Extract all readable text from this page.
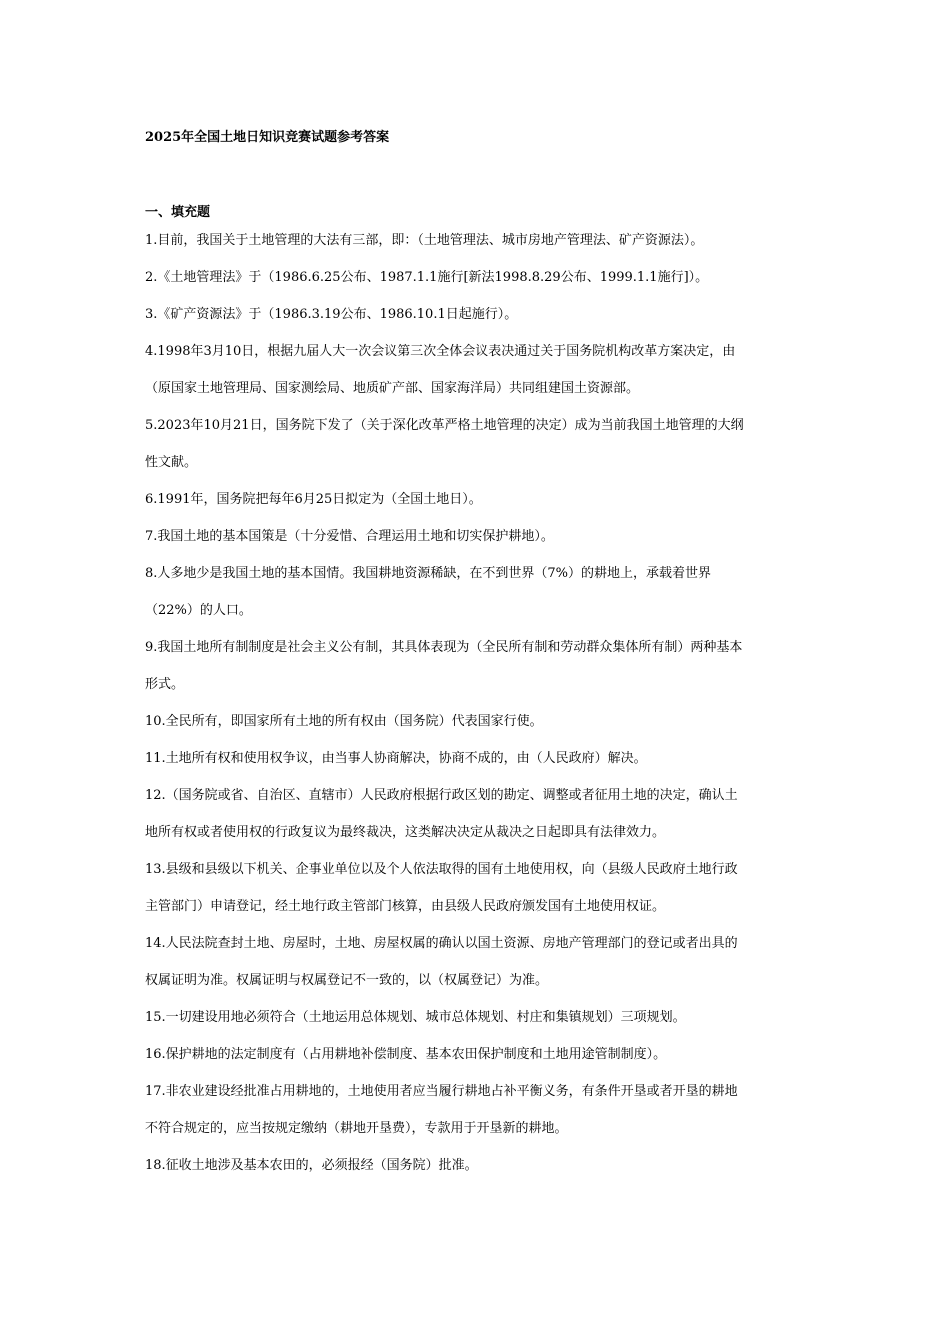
2025年全国土地日知识竞赛试题参考答案
一、填充题
1.目前，我国关于土地管理的大法有三部，即：（土地管理法、城市房地产管理法、矿产资源法）。
2.《土地管理法》于（1986.6.25公布、1987.1.1施行[新法1998.8.29公布、1999.1.1施行]）。
3.《矿产资源法》于（1986.3.19公布、1986.10.1日起施行）。
4.1998年3月10日，根据九届人大一次会议第三次全体会议表决通过关于国务院机构改革方案决定，由
（原国家土地管理局、国家测绘局、地质矿产部、国家海洋局）共同组建国土资源部。
5.2023年10月21日，国务院下发了（关于深化改革严格土地管理的决定）成为当前我国土地管理的大纲
性文献。
6.1991年，国务院把每年6月25日拟定为（全国土地日）。
7.我国土地的基本国策是（十分爱惜、合理运用土地和切实保护耕地）。
8.人多地少是我国土地的基本国情。我国耕地资源稀缺，在不到世界（7%）的耕地上，承载着世界
（22%）的人口。
9.我国土地所有制制度是社会主义公有制，其具体表现为（全民所有制和劳动群众集体所有制）两种基本
形式。
10.全民所有，即国家所有土地的所有权由（国务院）代表国家行使。
11.土地所有权和使用权争议，由当事人协商解决，协商不成的，由（人民政府）解决。
12.（国务院或省、自治区、直辖市）人民政府根据行政区划的勘定、调整或者征用土地的决定，确认土
地所有权或者使用权的行政复议为最终裁决，这类解决决定从裁决之日起即具有法律效力。
13.县级和县级以下机关、企事业单位以及个人依法取得的国有土地使用权，向（县级人民政府土地行政
主管部门）申请登记，经土地行政主管部门核算，由县级人民政府颁发国有土地使用权证。
14.人民法院查封土地、房屋时，土地、房屋权属的确认以国土资源、房地产管理部门的登记或者出具的
权属证明为准。权属证明与权属登记不一致的，以（权属登记）为准。
15.一切建设用地必须符合（土地运用总体规划、城市总体规划、村庄和集镇规划）三项规划。
16.保护耕地的法定制度有（占用耕地补偿制度、基本农田保护制度和土地用途管制制度）。
17.非农业建设经批准占用耕地的，土地使用者应当履行耕地占补平衡义务，有条件开垦或者开垦的耕地
不符合规定的，应当按规定缴纳（耕地开垦费），专款用于开垦新的耕地。
18.征收土地涉及基本农田的，必须报经（国务院）批准。
